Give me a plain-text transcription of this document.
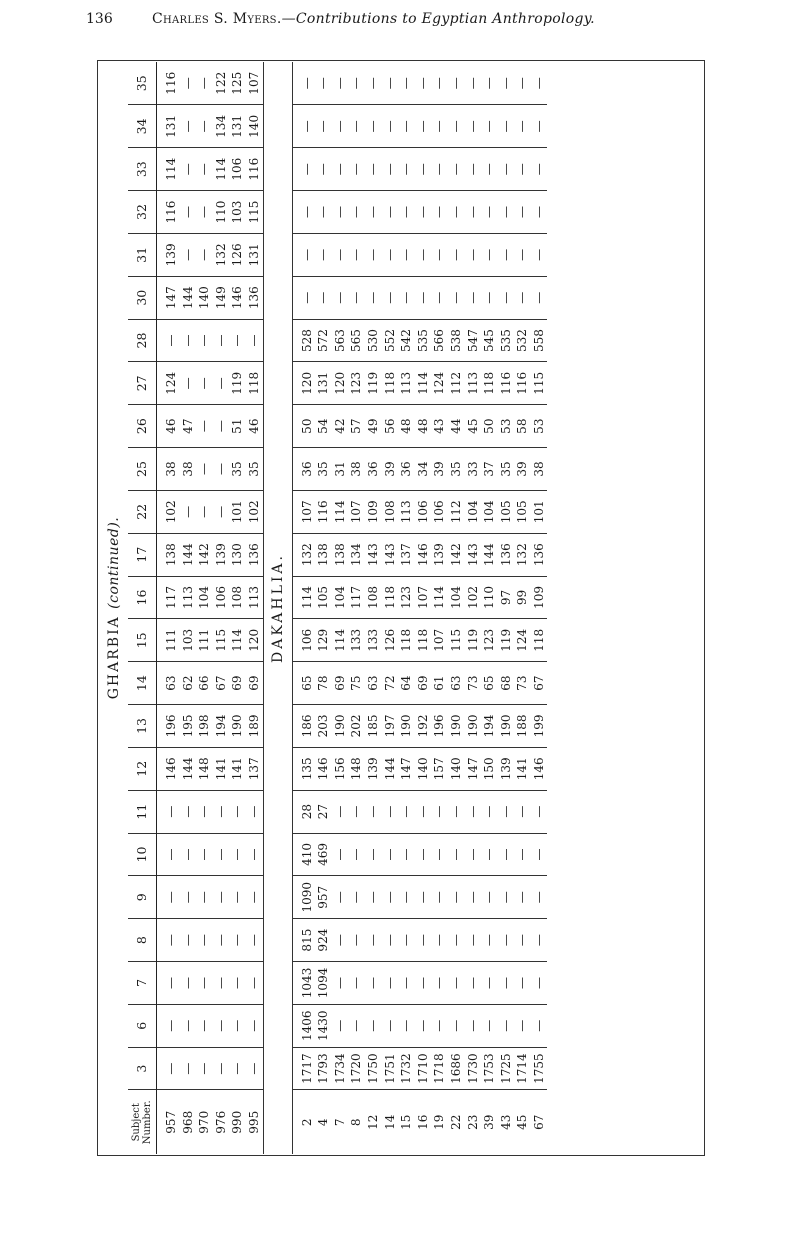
136	Charles S. Myers.—Contributions to Egyptian Anthropology.
GHARBIA (continued).
Subject Number.	3	6	7	8	9	10	11	12	13	14	15	16	17	22	25	26	27	28	30	31	32	33	34	35

957	—	—	—	—	—	—	—	146	196	63	111	117	138	102	38	46	124	—	147	139	116	114	131	116
968	—	—	—	—	—	—	—	144	195	62	103	113	144	—	38	47	—	—	144	—	—	—	—	—
970	—	—	—	—	—	—	—	148	198	66	111	104	142	—	—	—	—	—	140	—	—	—	—	—
976	—	—	—	—	—	—	—	141	194	67	115	106	139	—	—	—	—	—	149	132	110	114	134	122
990	—	—	—	—	—	—	—	141	190	69	114	108	130	101	35	51	119	—	146	126	103	106	131	125
995	—	—	—	—	—	—	—	137	189	69	120	113	136	102	35	46	118	—	136	131	115	116	140	107
DAKAHLIA.																								

2	1717	1406	1043	815	1090	410	28	135	186	65	106	114	132	107	36	50	120	528	—	—	—	—	—	—
4	1793	1430	1094	924	957	469	27	146	203	78	129	105	138	116	35	54	131	572	—	—	—	—	—	—
7	1734	—	—	—	—	—	—	156	190	69	114	104	138	114	31	42	120	563	—	—	—	—	—	—
8	1720	—	—	—	—	—	—	148	202	75	133	117	134	107	38	57	123	565	—	—	—	—	—	—
12	1750	—	—	—	—	—	—	139	185	63	133	108	143	109	36	49	119	530	—	—	—	—	—	—
14	1751	—	—	—	—	—	—	144	197	72	126	118	143	108	39	56	118	552	—	—	—	—	—	—
15	1732	—	—	—	—	—	—	147	190	64	118	123	137	113	36	48	113	542	—	—	—	—	—	—
16	1710	—	—	—	—	—	—	140	192	69	118	107	146	106	34	48	114	535	—	—	—	—	—	—
19	1718	—	—	—	—	—	—	157	196	61	107	114	139	106	39	43	124	566	—	—	—	—	—	—
22	1686	—	—	—	—	—	—	140	190	63	115	104	142	112	35	44	112	538	—	—	—	—	—	—
23	1730	—	—	—	—	—	—	147	190	73	119	102	143	104	33	45	113	547	—	—	—	—	—	—
39	1753	—	—	—	—	—	—	150	194	65	123	110	144	104	37	50	118	545	—	—	—	—	—	—
43	1725	—	—	—	—	—	—	139	190	68	119	97	136	105	35	53	116	535	—	—	—	—	—	—
45	1714	—	—	—	—	—	—	141	188	73	124	99	132	105	39	58	116	532	—	—	—	—	—	—
67	1755	—	—	—	—	—	—	146	199	67	118	109	136	101	38	53	115	558	—	—	—	—	—	—
